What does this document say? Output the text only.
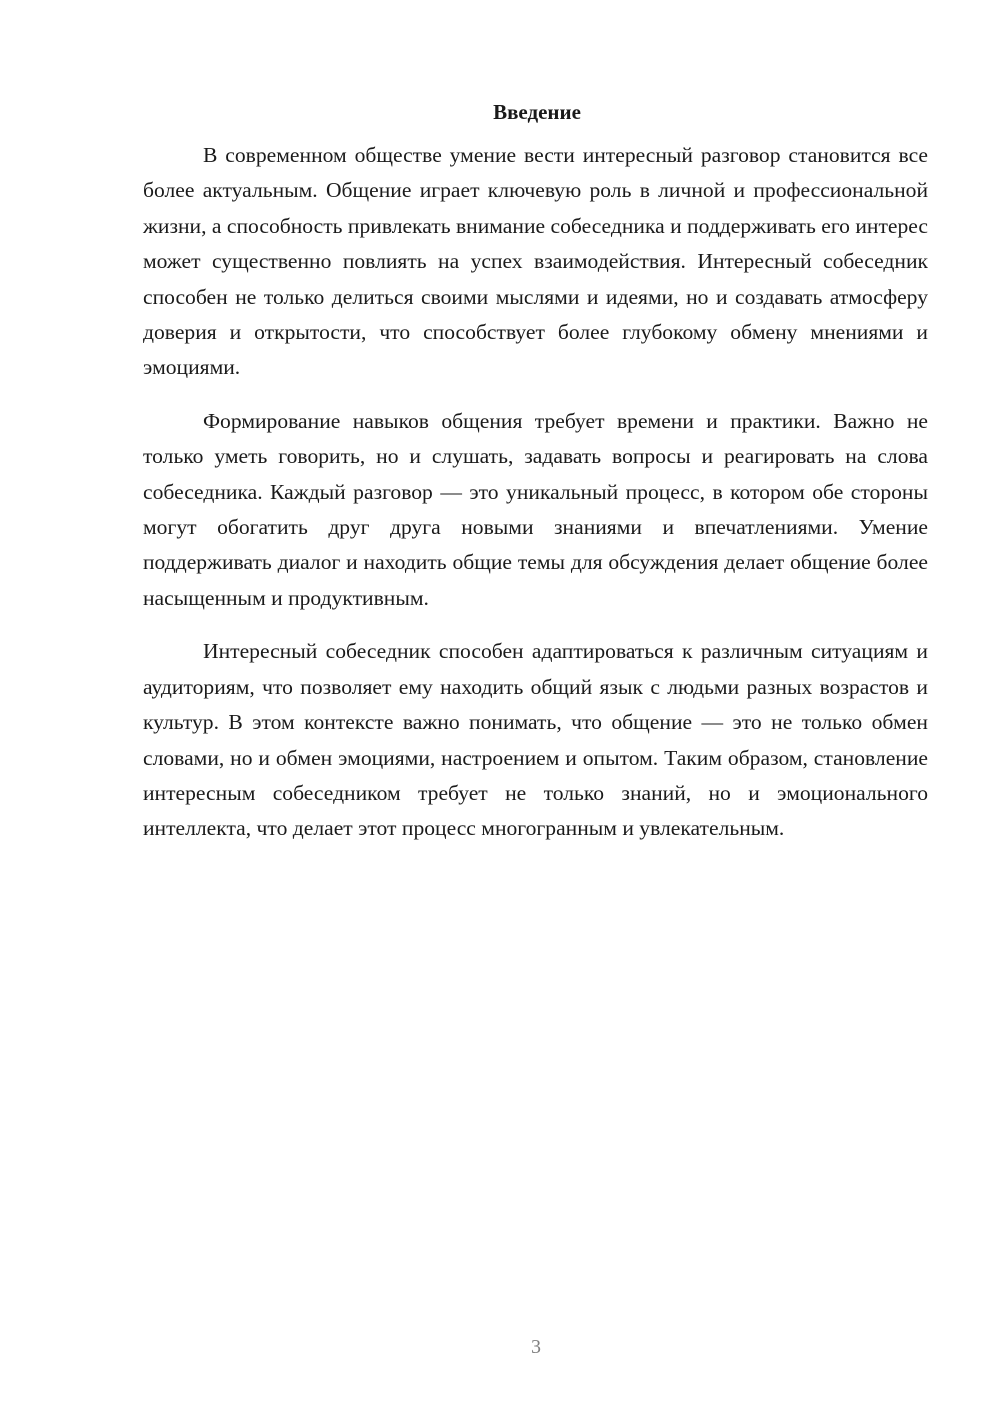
Введение

В современном обществе умение вести интересный разговор становится все более актуальным. Общение играет ключевую роль в личной и профессиональной жизни, а способность привлекать внимание собеседника и поддерживать его интерес может существенно повлиять на успех взаимодействия. Интересный собеседник способен не только делиться своими мыслями и идеями, но и создавать атмосферу доверия и открытости, что способствует более глубокому обмену мнениями и эмоциями.

Формирование навыков общения требует времени и практики. Важно не только уметь говорить, но и слушать, задавать вопросы и реагировать на слова собеседника. Каждый разговор — это уникальный процесс, в котором обе стороны могут обогатить друг друга новыми знаниями и впечатлениями. Умение поддерживать диалог и находить общие темы для обсуждения делает общение более насыщенным и продуктивным.

Интересный собеседник способен адаптироваться к различным ситуациям и аудиториям, что позволяет ему находить общий язык с людьми разных возрастов и культур. В этом контексте важно понимать, что общение — это не только обмен словами, но и обмен эмоциями, настроением и опытом. Таким образом, становление интересным собеседником требует не только знаний, но и эмоционального интеллекта, что делает этот процесс многогранным и увлекательным.

3
